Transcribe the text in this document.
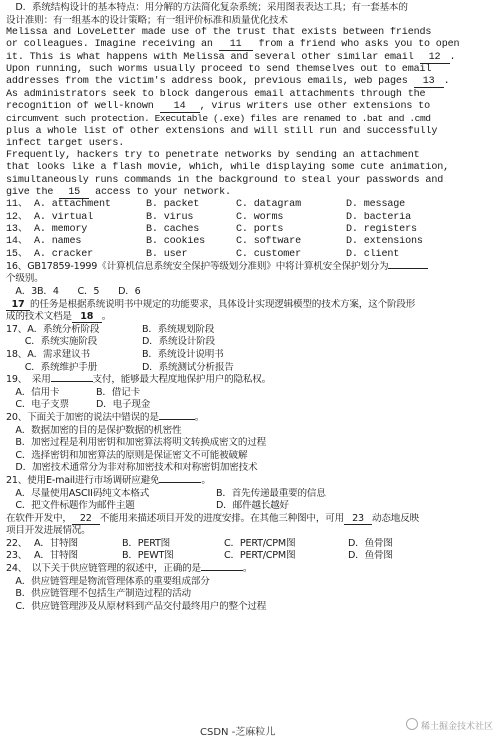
　D．系统结构设计的基本特点：用分解的方法简化复杂系统；采用图表表达工具；有一套基本的
设计准则：有一组基本的设计策略；有一组评价标准和质量优化技术
Melissa and LoveLetter made use of the trust that exists between friends
or colleagues. Imagine receiving an 11 from a friend who asks you to open
it. This is what happens with Melissa and several other similar email 12 .
Upon running, such worms usually proceed to send themselves out to email
addresses from the victim's address book, previous emails, web pages 13 .
As administrators seek to block dangerous email attachments through the
recognition of well-known 14 , virus writers use other extensions to
circumvent such protection. Executable (.exe) files are renamed to .bat and .cmd
plus a whole list of other extensions and will still run and successfully
infect target users.
Frequently, hackers try to penetrate networks by sending an attachment
that looks like a flash movie, which, while displaying some cute animation,
simultaneously runs commands in the background to steal your passwords and
give the 15 access to your network.
11、 A. attachment	B. packet	C. datagram	D. message
12、 A. virtual	B. virus	C. worms	D. bacteria
13、 A. memory	B. caches	C. ports	D. registers
14、 A. names	B. cookies	C. software	D. extensions
15、 A. cracker	B. user	C. customer	D. client
16、GB17859-1999《计算机信息系统安全保护等级划分准则》中将计算机安全保护划分为
个级别。
　A．3B．4　　C．5　　D．6
17 的任务是根据系统说明书中规定的功能要求，具体设计实现逻辑模型的技术方案，这个阶段形
成的技术文档是 18 。
17、A．系统分析阶段	B．系统规划阶段
　　C．系统实施阶段	D．系统设计阶段
18、A．需求建议书	B．系统设计说明书
　　C．系统维护手册	D．系统测试分析报告
19、　采用	支付，能够最大程度地保护用户的隐私权。
　A．信用卡	B．借记卡
　C．电子支票	D．电子现金
20、下面关于加密的说法中错误的是	。
　A．数据加密的目的是保护数据的机密性
　B．加密过程是利用密钥和加密算法将明文转换成密文的过程
　C．选择密钥和加密算法的原则是保证密文不可能被破解
　D．加密技术通常分为非对称加密技术和对称密钥加密技术
21、使用E-mail进行市场调研应避免	。
　A．尽量使用ASCII码纯文本格式	B．首先传递最重要的信息
　C．把文件标题作为邮件主题	D．邮件越长越好
在软件开发中， 22 不能用来描述项目开发的进度安排。在其他三种图中，可用 23 动态地反映
项目开发进展情况。
22、 A．甘特图	B．PERT图	C．PERT/CPM图	D．鱼骨图
23、 A．甘特图	B．PEWT图	C．PERT/CPM图	D．鱼骨图
24、　以下关于供应链管理的叙述中，正确的是	。
　A．供应链管理是物流管理体系的重要组成部分
　B．供应链管理不包括生产制造过程的活动
　C．供应链管理涉及从原材料到产品交付最终用户的整个过程
稀土掘金技术社区
CSDN -芝麻粒儿
